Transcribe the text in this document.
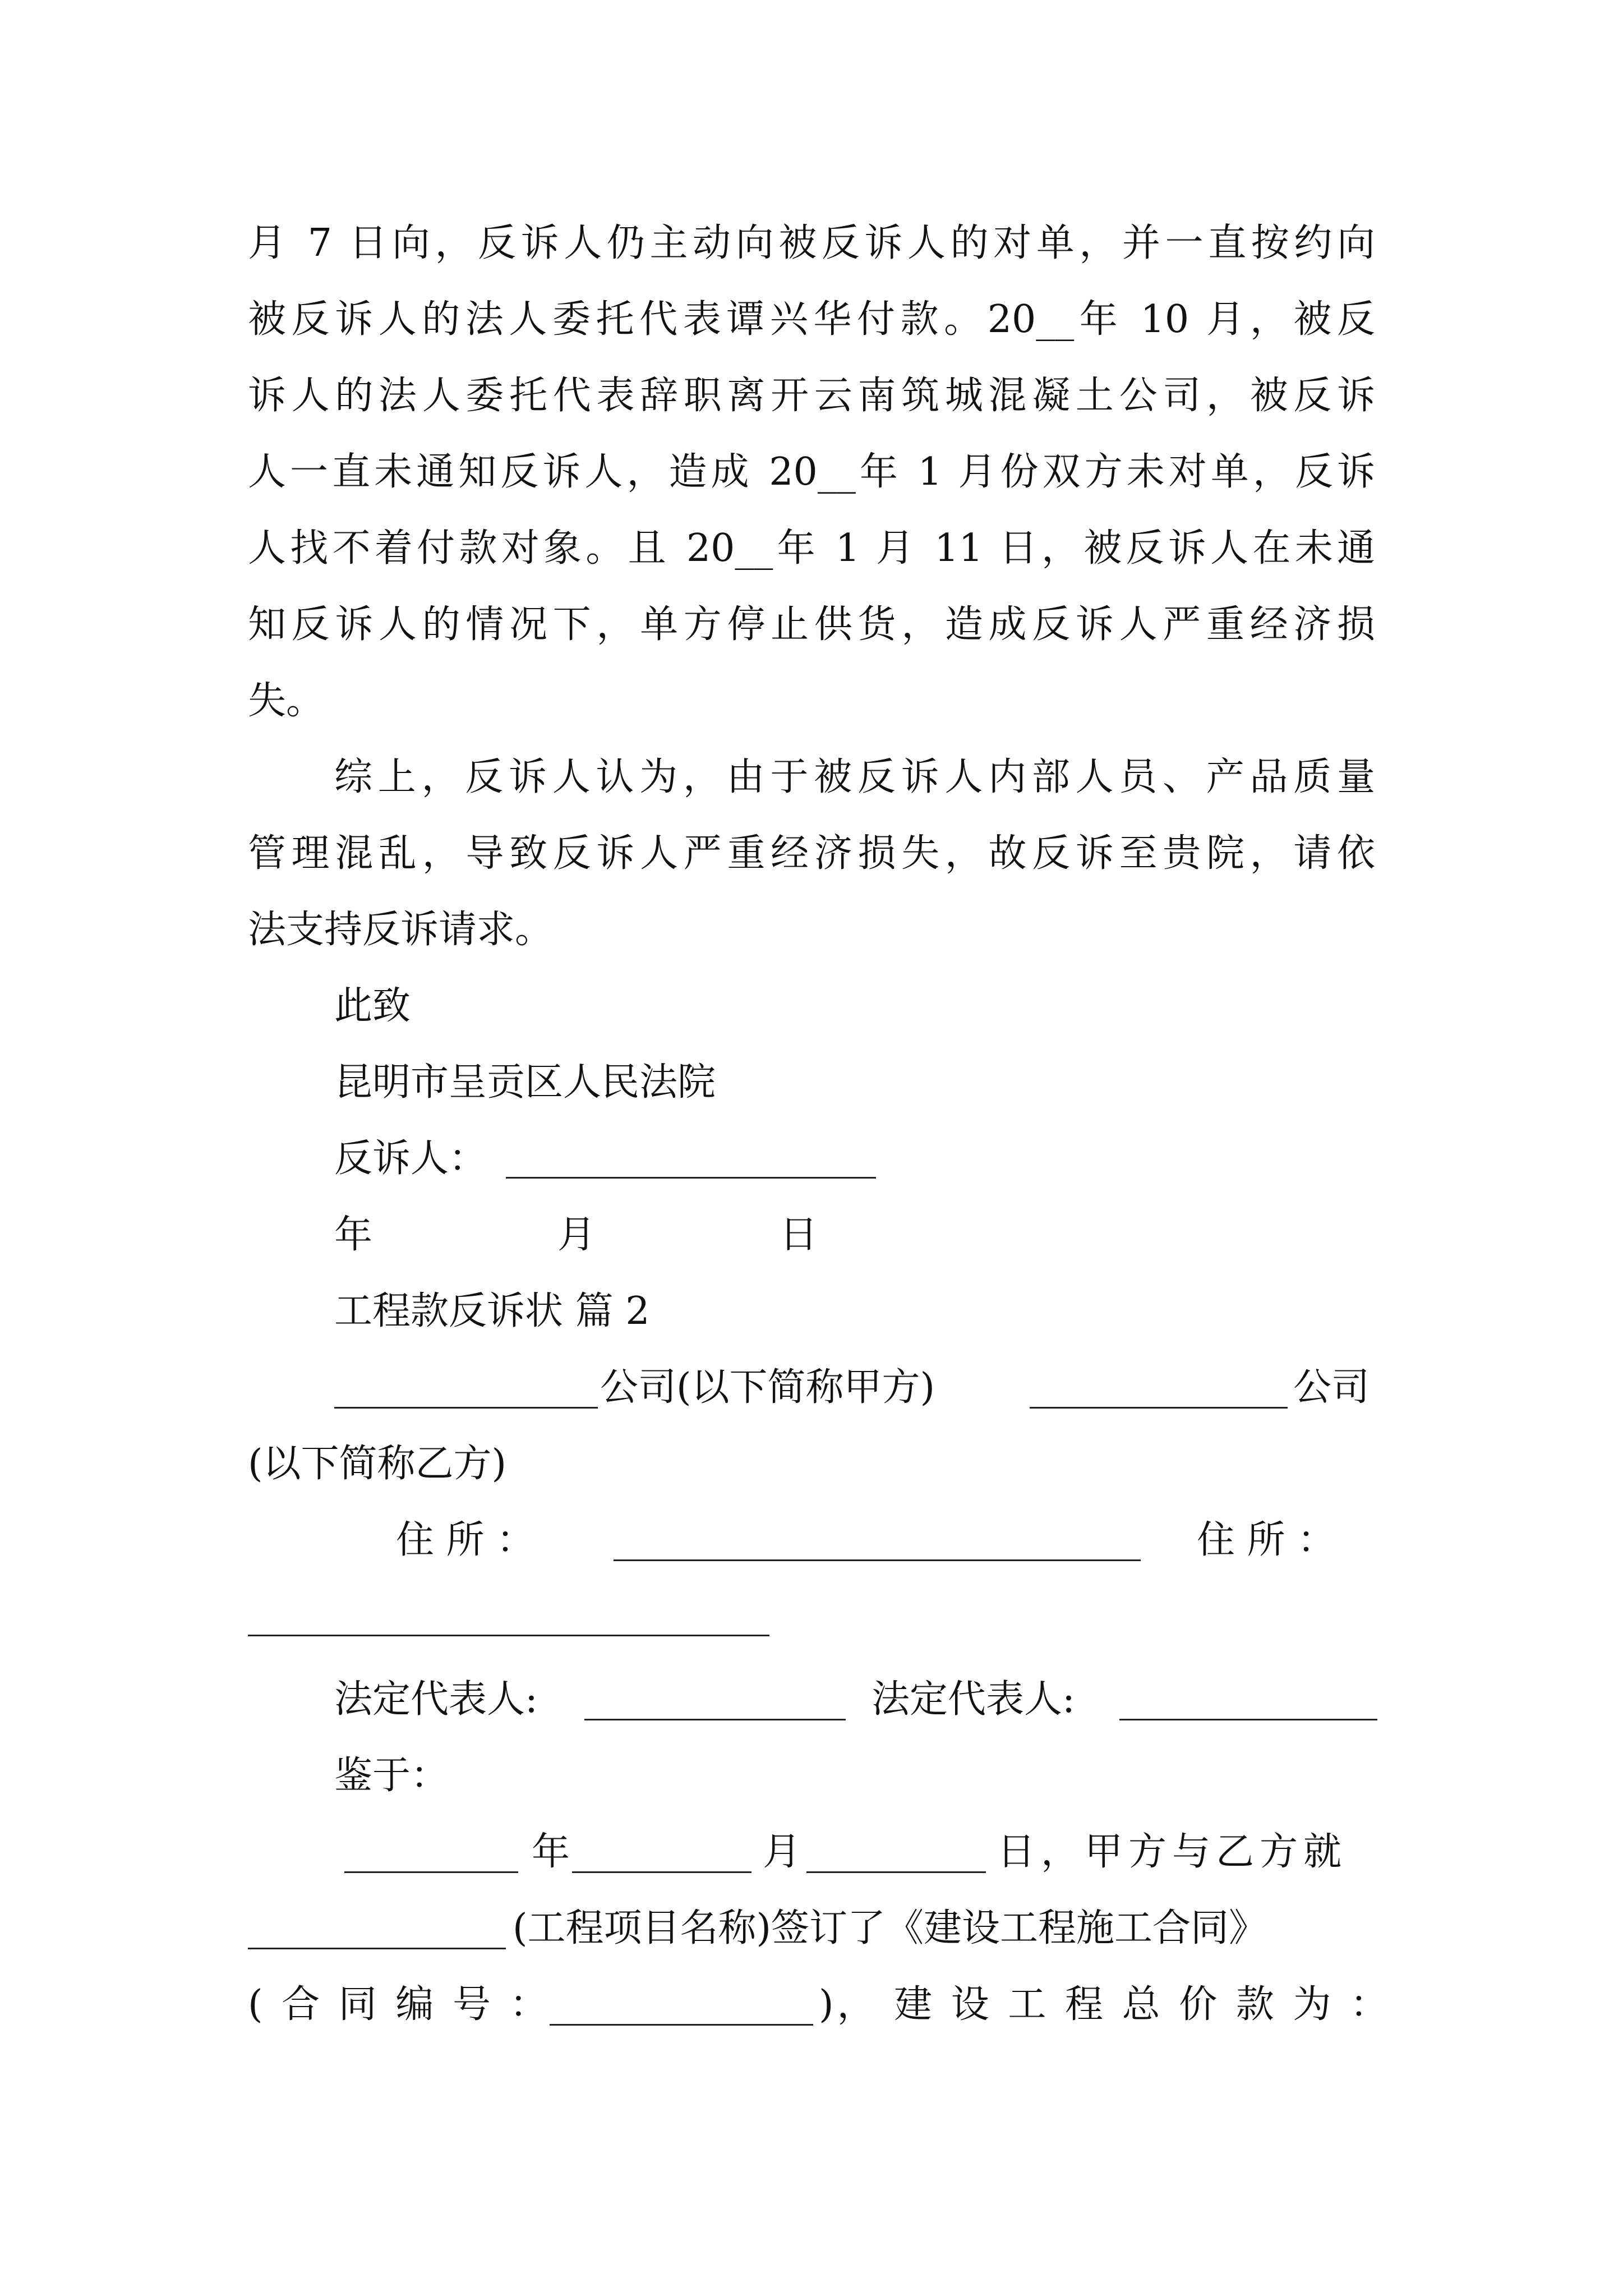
月 7 日向，反诉人仍主动向被反诉人的对单，并一直按约向
被反诉人的法人委托代表谭兴华付款。20__年 10 月，被反
诉人的法人委托代表辞职离开云南筑城混凝土公司，被反诉
人一直未通知反诉人，造成 20__年 1 月份双方未对单，反诉
人找不着付款对象。且 20__年 1 月 11 日，被反诉人在未通
知反诉人的情况下，单方停止供货，造成反诉人严重经济损
失。
综上，反诉人认为，由于被反诉人内部人员、产品质量
管理混乱，导致反诉人严重经济损失，故反诉至贵院，请依
法支持反诉请求。
此致
昆明市呈贡区人民法院
反诉人：
年	月	日
工程款反诉状 篇 2
公司(以下简称甲方)	公司
(以下简称乙方)
住 所 ：	住 所 ：
法定代表人:	法定代表人:
鉴于：
年	月	日，甲方与乙方就
(工程项目名称)签订了《建设工程施工合同》
( 合 同 编 号 ：	)， 建 设 工 程 总 价 款 为 ：
